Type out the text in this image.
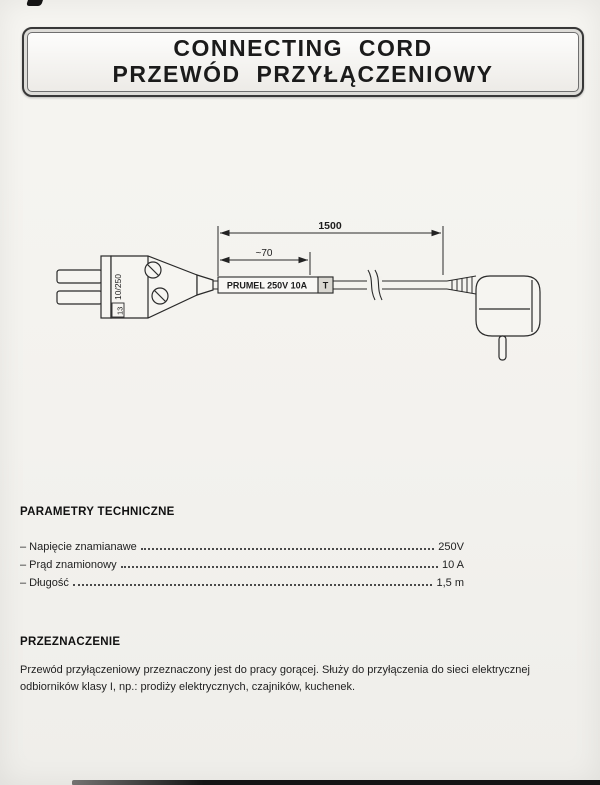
CONNECTING CORD
PRZEWÓD PRZYŁĄCZENIOWY
1500
~70
10/250
13
PRUMEL 250V 10A T
PARAMETRY TECHNICZNE
– Napięcie znamianawe	250V
– Prąd znamionowy	10 A
– Długość	1,5 m
PRZEZNACZENIE

Przewód przyłączeniowy przeznaczony jest do pracy gorącej. Służy do przyłączenia do sieci elektrycznej odbiorników klasy I, np.: prodiży elektrycznych, czajników, kuchenek.
